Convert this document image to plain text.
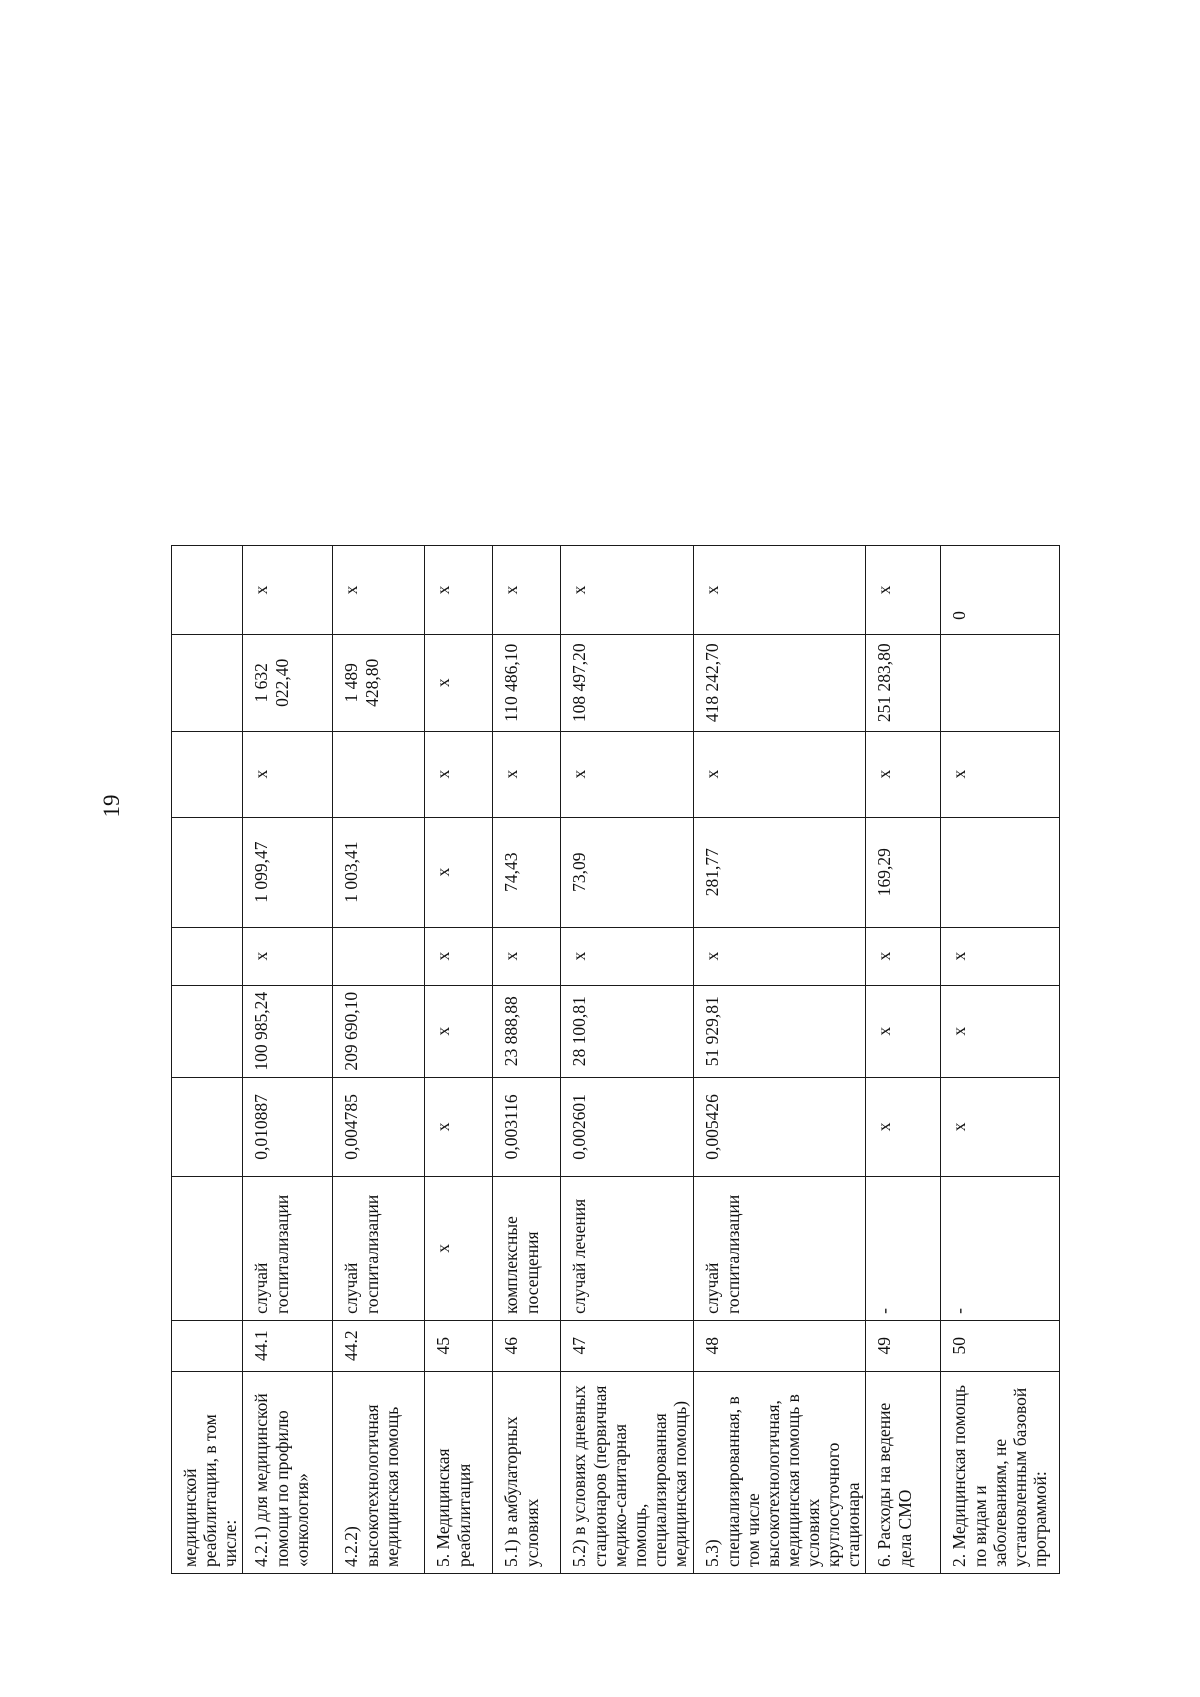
19
медицинской реабилитации, в том числе:									
4.2.1) для медицинской помощи по профилю «онкология»	44.1	случай госпитализации	0,010887	100 985,24	х	1 099,47	х	1 632 022,40	х
4.2.2) высокотехнологичная медицинская помощь	44.2	случай госпитализации	0,004785	209 690,10		1 003,41		1 489 428,80	х
5. Медицинская реабилитация	45	х	х	х	х	х	х	х	х
5.1) в амбулаторных условиях	46	комплексные посещения	0,003116	23 888,88	х	74,43	х	110 486,10	х
5.2) в условиях дневных стационаров (первичная медико-санитарная помощь, специализированная медицинская помощь)	47	случай лечения	0,002601	28 100,81	х	73,09	х	108 497,20	х
5.3) специализированная, в том числе высокотехнологичная, медицинская помощь в условиях круглосуточного стационара	48	случай госпитализации	0,005426	51 929,81	х	281,77	х	418 242,70	х
6. Расходы на ведение дела СМО	49	-	х	х	х	169,29	х	251 283,80	х
2. Медицинская помощь по видам и заболеваниям, не установленным базовой программой:	50	-	х	х	х		х		0
